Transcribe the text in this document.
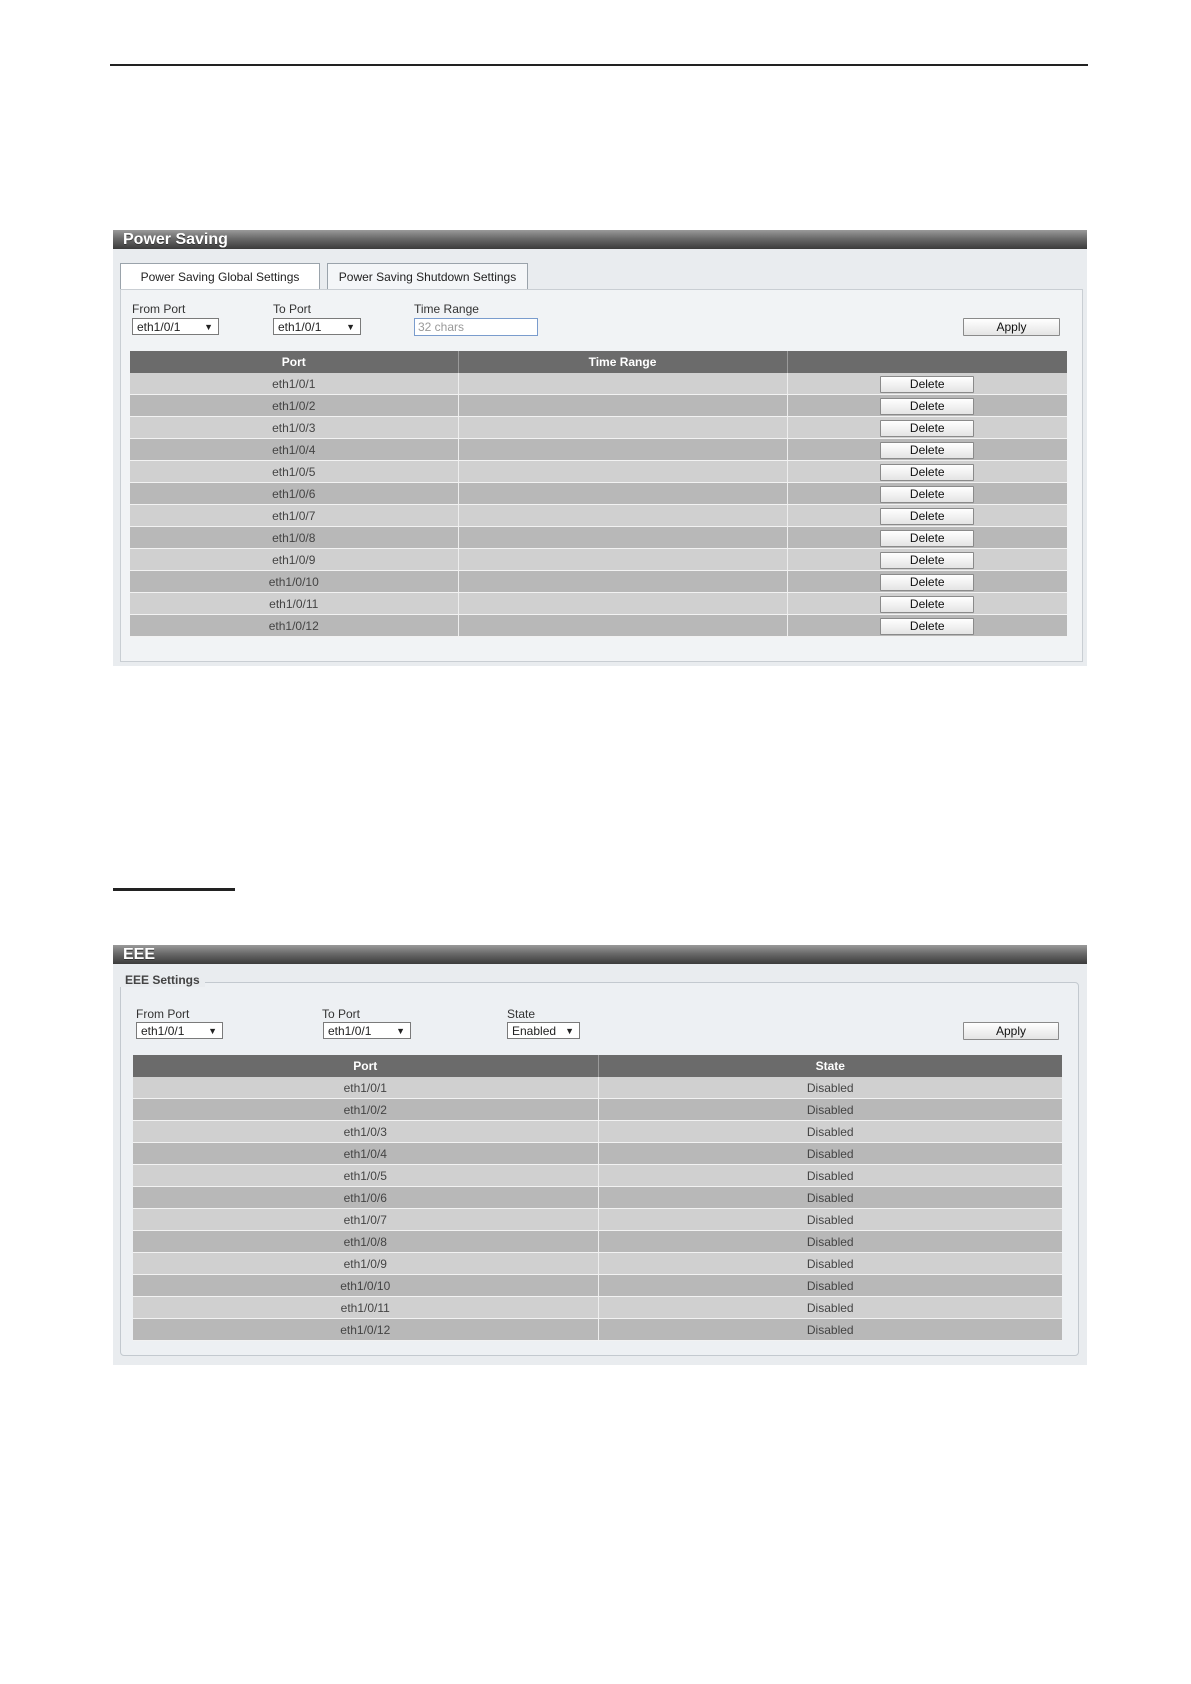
Power Saving
Power Saving Global Settings	Power Saving Shutdown Settings
From Port
eth1/0/1	▼
To Port
eth1/0/1	▼
Time Range
32 chars	Apply
Port	Time Range	
eth1/0/1		Delete
eth1/0/2		Delete
eth1/0/3		Delete
eth1/0/4		Delete
eth1/0/5		Delete
eth1/0/6		Delete
eth1/0/7		Delete
eth1/0/8		Delete
eth1/0/9		Delete
eth1/0/10		Delete
eth1/0/11		Delete
eth1/0/12		Delete
EEE
From Port
eth1/0/1	▼
To Port
eth1/0/1	▼
State
Enabled ▼	Apply
Port	State
eth1/0/1	Disabled
eth1/0/2	Disabled
eth1/0/3	Disabled
eth1/0/4	Disabled
eth1/0/5	Disabled
eth1/0/6	Disabled
eth1/0/7	Disabled
eth1/0/8	Disabled
eth1/0/9	Disabled
eth1/0/10	Disabled
eth1/0/11	Disabled
eth1/0/12	Disabled
EEE Settings
